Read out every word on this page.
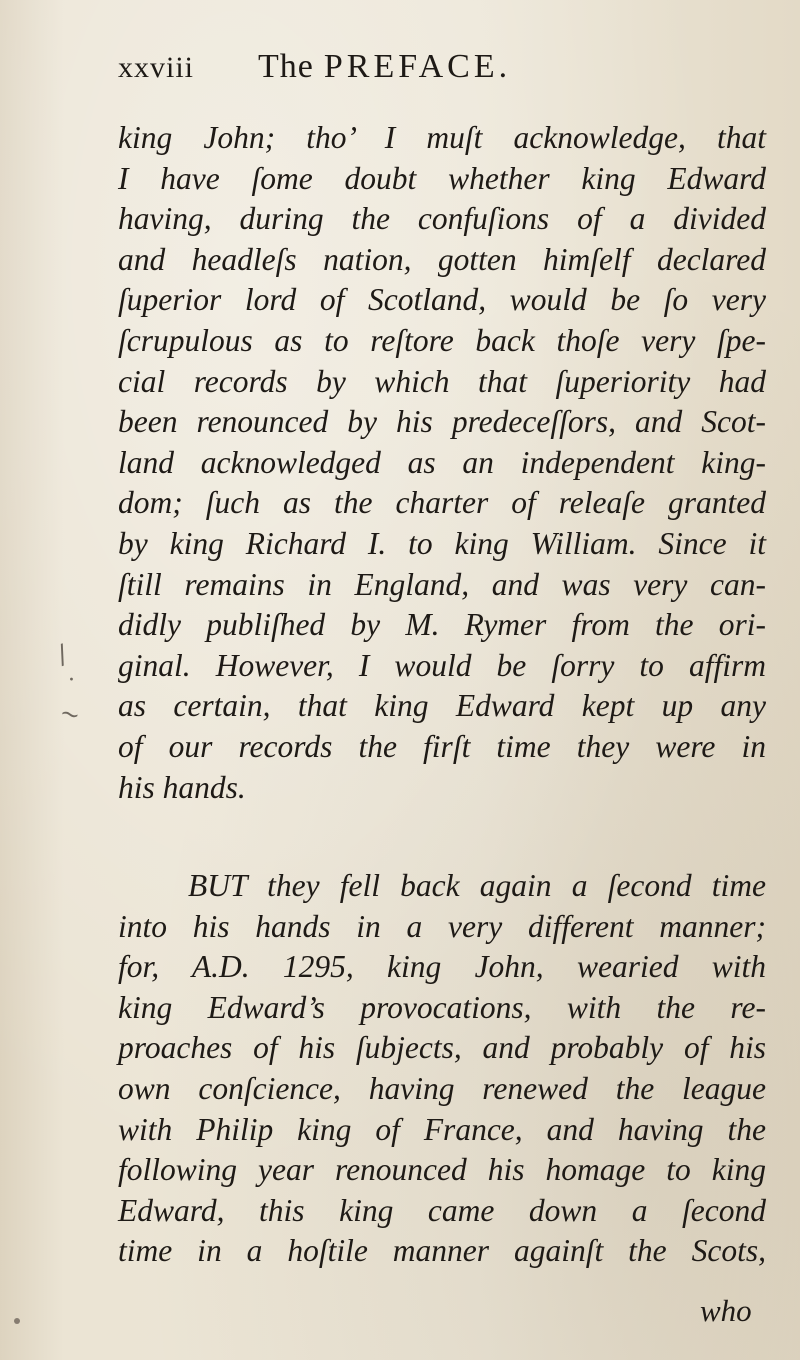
xxviii	The PREFACE.
/
·
~
king John; tho’ I muſt acknowledge, that
I have ſome doubt whether king Edward
having, during the confuſions of a divided
and headleſs nation, gotten himſelf declared
ſuperior lord of Scotland, would be ſo very
ſcrupulous as to reſtore back thoſe very ſpe-
cial records by which that ſuperiority had
been renounced by his predeceſſors, and Scot-
land acknowledged as an independent king-
dom; ſuch as the charter of releaſe granted
by king Richard I. to king William. Since it
ſtill remains in England, and was very can-
didly publiſhed by M. Rymer from the ori-
ginal. However, I would be ſorry to affirm
as certain, that king Edward kept up any
of our records the firſt time they were in
his hands.
BUT they fell back again a ſecond time
into his hands in a very different manner;
for, A.D. 1295, king John, wearied with
king Edward’s provocations, with the re-
proaches of his ſubjects, and probably of his
own conſcience, having renewed the league
with Philip king of France, and having the
following year renounced his homage to king
Edward, this king came down a ſecond
time in a hoſtile manner againſt the Scots,
who
